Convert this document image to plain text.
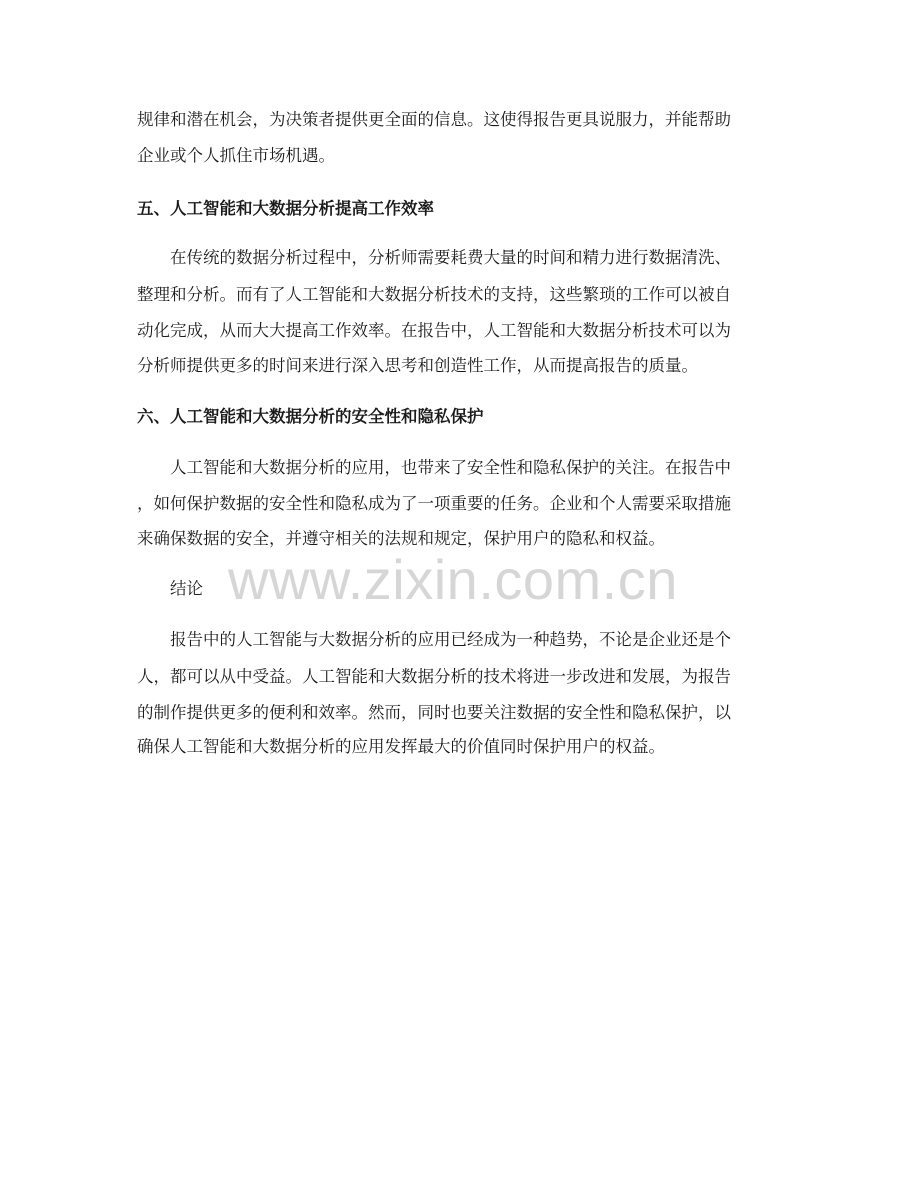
www.zixin.com.cn
规律和潜在机会，为决策者提供更全面的信息。这使得报告更具说服力，并能帮助
企业或个人抓住市场机遇。
五、人工智能和大数据分析提高工作效率
在传统的数据分析过程中，分析师需要耗费大量的时间和精力进行数据清洗、
整理和分析。而有了人工智能和大数据分析技术的支持，这些繁琐的工作可以被自
动化完成，从而大大提高工作效率。在报告中，人工智能和大数据分析技术可以为
分析师提供更多的时间来进行深入思考和创造性工作，从而提高报告的质量。
六、人工智能和大数据分析的安全性和隐私保护
人工智能和大数据分析的应用，也带来了安全性和隐私保护的关注。在报告中
，如何保护数据的安全性和隐私成为了一项重要的任务。企业和个人需要采取措施
来确保数据的安全，并遵守相关的法规和规定，保护用户的隐私和权益。
结论
报告中的人工智能与大数据分析的应用已经成为一种趋势，不论是企业还是个
人，都可以从中受益。人工智能和大数据分析的技术将进一步改进和发展，为报告
的制作提供更多的便利和效率。然而，同时也要关注数据的安全性和隐私保护，以
确保人工智能和大数据分析的应用发挥最大的价值同时保护用户的权益。
